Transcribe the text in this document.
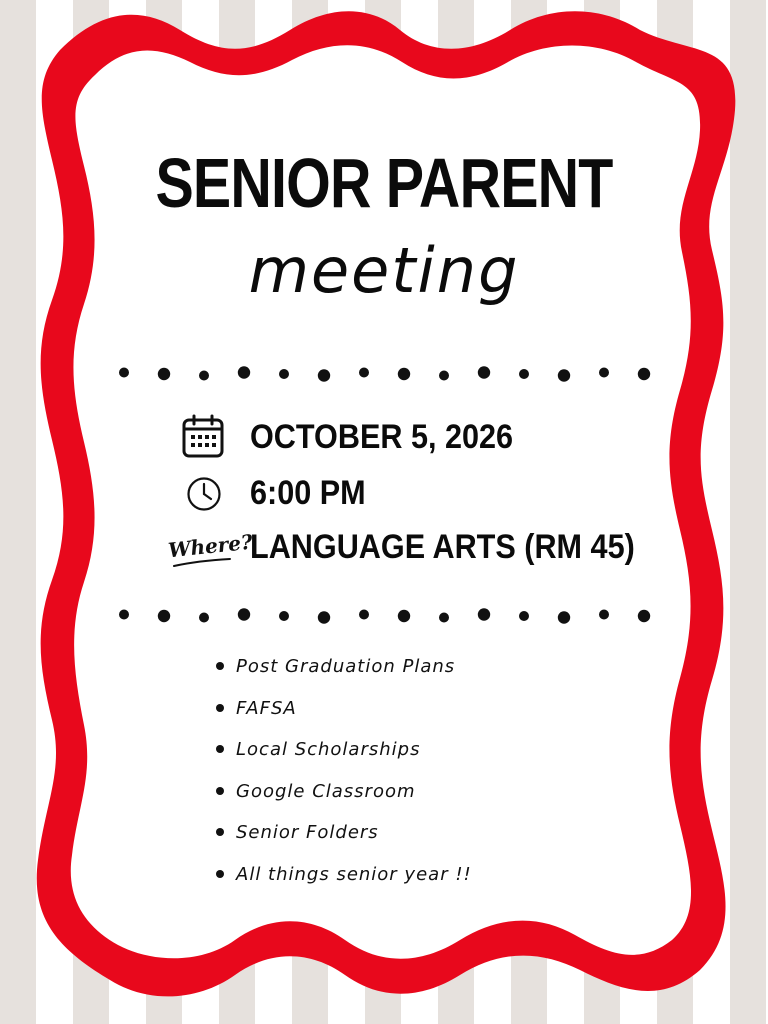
SENIOR PARENT
meeting
OCTOBER 5, 2026
6:00 PM
Where?
LANGUAGE ARTS (RM 45)
Post Graduation Plans
FAFSA
Local Scholarships
Google Classroom
Senior Folders
All things senior year !!
